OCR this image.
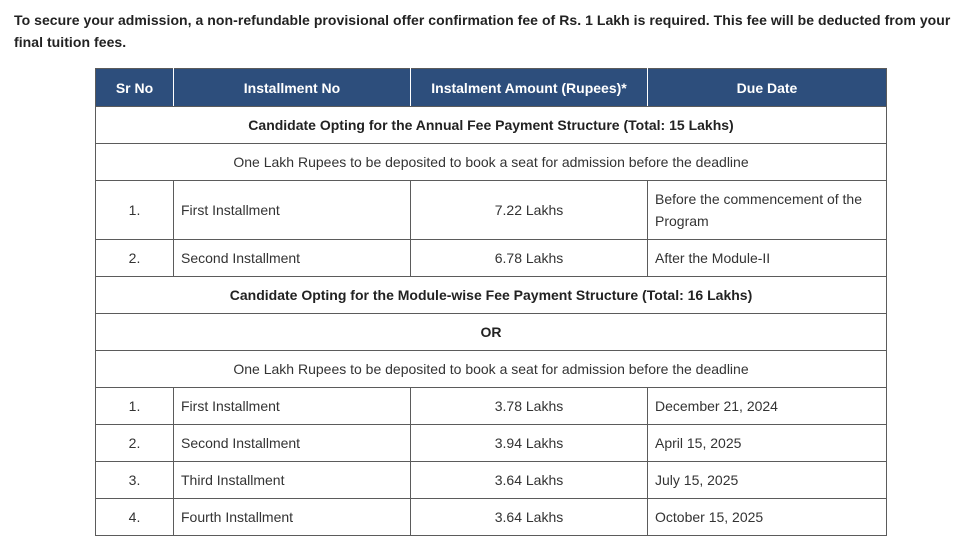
To secure your admission, a non-refundable provisional offer confirmation fee of Rs. 1 Lakh is required. This fee will be deducted from your final tuition fees.
Sr No	Installment No	Instalment Amount (Rupees)*	Due Date
Candidate Opting for the Annual Fee Payment Structure (Total: 15 Lakhs)			
One Lakh Rupees to be deposited to book a seat for admission before the deadline			
1.	First Installment	7.22 Lakhs	Before the commencement of the Program
2.	Second Installment	6.78 Lakhs	After the Module-II
Candidate Opting for the Module-wise Fee Payment Structure (Total: 16 Lakhs)			
OR			
One Lakh Rupees to be deposited to book a seat for admission before the deadline			
1.	First Installment	3.78 Lakhs	December 21, 2024
2.	Second Installment	3.94 Lakhs	April 15, 2025
3.	Third Installment	3.64 Lakhs	July 15, 2025
4.	Fourth Installment	3.64 Lakhs	October 15, 2025
